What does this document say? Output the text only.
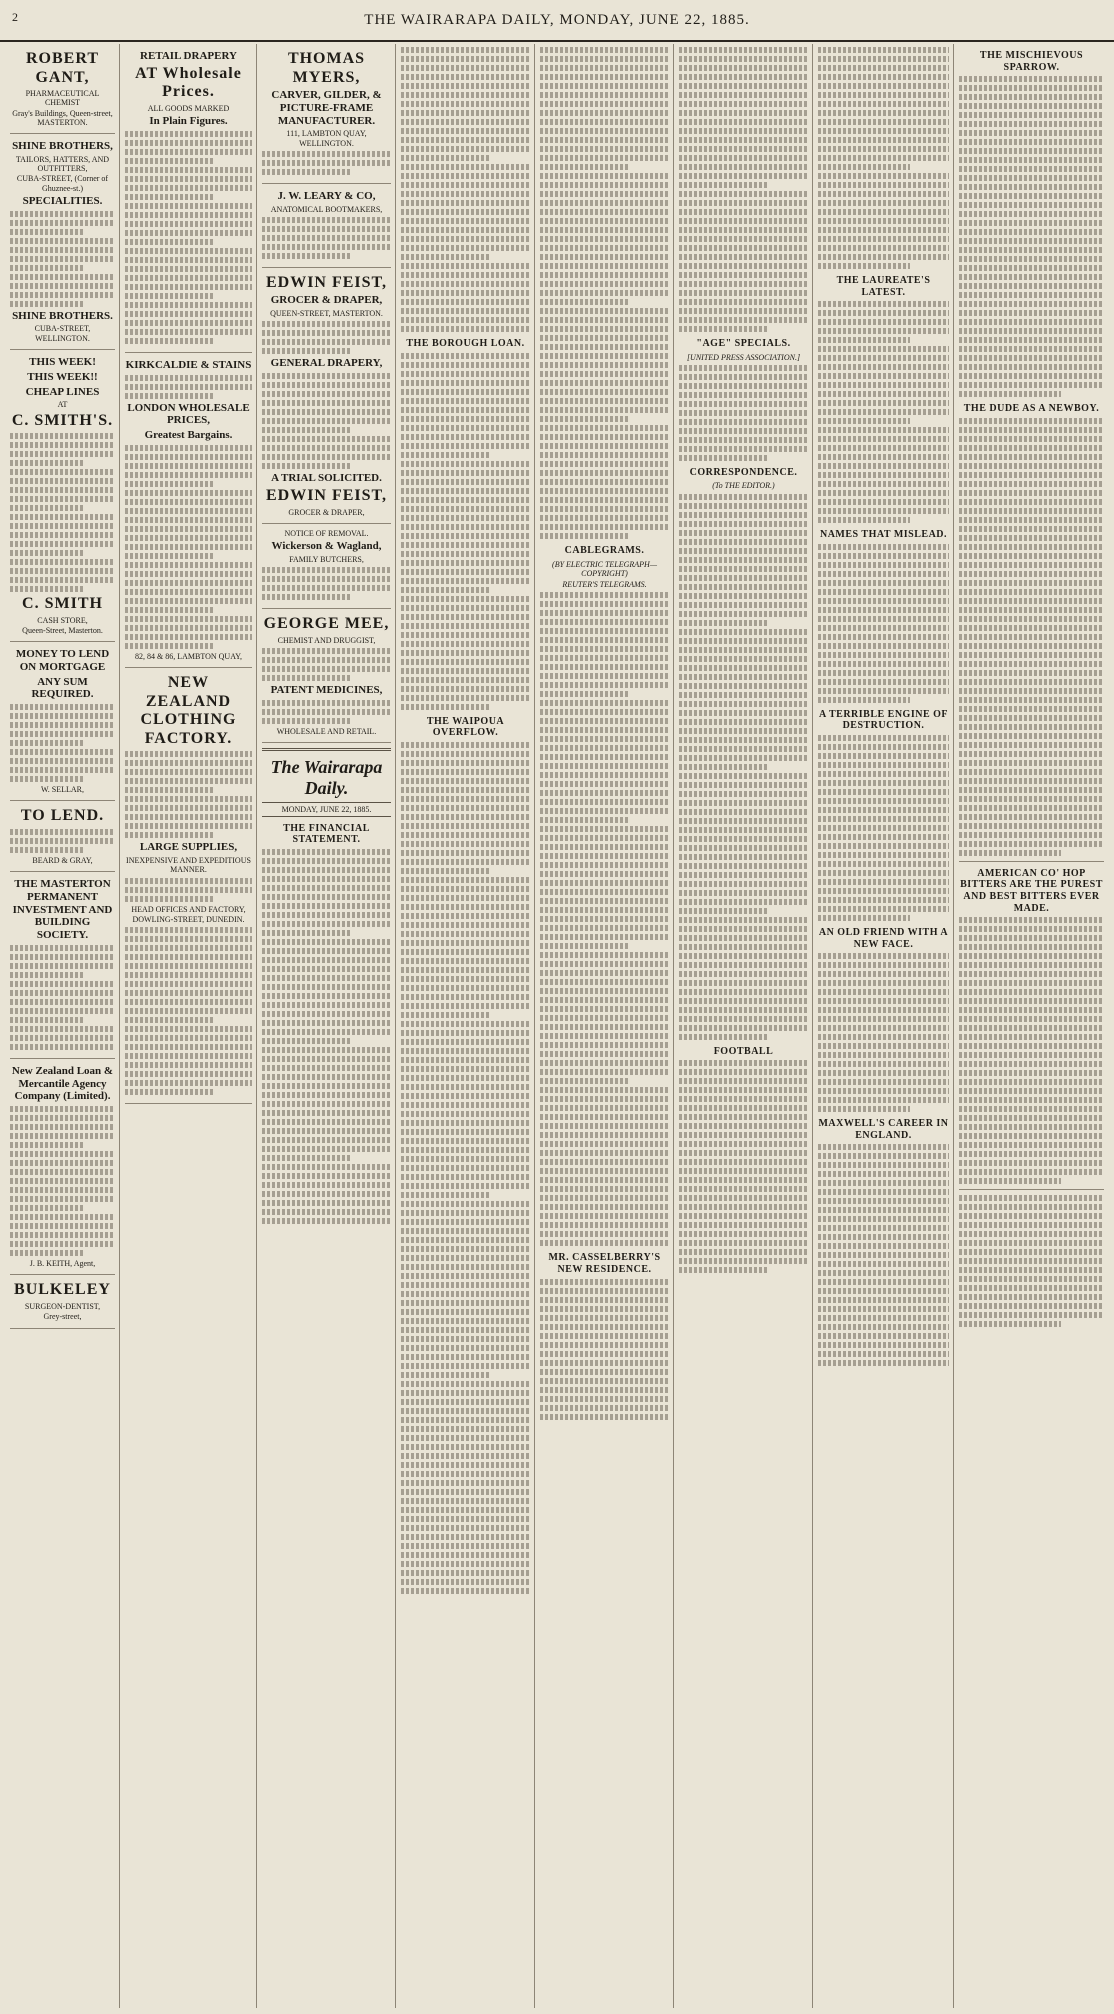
2	THE WAIRARAPA DAILY, MONDAY, JUNE 22, 1885.
ROBERT GANT,
PHARMACEUTICAL CHEMIST
Gray's Buildings, Queen-street, MASTERTON.
SHINE BROTHERS,
TAILORS, HATTERS, AND OUTFITTERS,
CUBA-STREET, (Corner of Ghuznee-st.)
SPECIALITIES.
SHINE BROTHERS.
CUBA-STREET, WELLINGTON.
THIS WEEK!
THIS WEEK!!
CHEAP LINES
AT
C. SMITH'S.
C. SMITH
CASH STORE,
Queen-Street, Masterton.
MONEY TO LEND ON MORTGAGE
ANY SUM REQUIRED.
W. SELLAR,
TO LEND.
BEARD & GRAY,
THE MASTERTON PERMANENT INVESTMENT AND BUILDING SOCIETY.
New Zealand Loan & Mercantile Agency Company (Limited).
J. B. KEITH, Agent,
BULKELEY
SURGEON-DENTIST,
Grey-street,
RETAIL DRAPERY
AT Wholesale Prices.
ALL GOODS MARKED
In Plain Figures.
KIRKCALDIE & STAINS
LONDON WHOLESALE PRICES,
Greatest Bargains.
82, 84 & 86, LAMBTON QUAY,
NEW ZEALAND CLOTHING FACTORY.
LARGE SUPPLIES,
INEXPENSIVE AND EXPEDITIOUS MANNER.
HEAD OFFICES AND FACTORY,
DOWLING-STREET, DUNEDIN.
THOMAS MYERS,
CARVER, GILDER, & PICTURE-FRAME MANUFACTURER.
111, LAMBTON QUAY, WELLINGTON.
J. W. LEARY & CO,
ANATOMICAL BOOTMAKERS,
EDWIN FEIST,
GROCER & DRAPER,
QUEEN-STREET, MASTERTON.
GENERAL DRAPERY,
A TRIAL SOLICITED.
EDWIN FEIST,
GROCER & DRAPER,
NOTICE OF REMOVAL.
Wickerson & Wagland,
FAMILY BUTCHERS,
GEORGE MEE,
CHEMIST AND DRUGGIST,
PATENT MEDICINES,
WHOLESALE AND RETAIL.
The Wairarapa Daily.
MONDAY, JUNE 22, 1885.
THE FINANCIAL STATEMENT.
THE BOROUGH LOAN.
THE WAIPOUA OVERFLOW.
CABLEGRAMS.
(BY ELECTRIC TELEGRAPH—COPYRIGHT)
REUTER'S TELEGRAMS.
MR. CASSELBERRY'S NEW RESIDENCE.
"AGE" SPECIALS.
[UNITED PRESS ASSOCIATION.]
CORRESPONDENCE.
(To THE EDITOR.)
FOOTBALL
THE LAUREATE'S LATEST.
NAMES THAT MISLEAD.
A TERRIBLE ENGINE OF DESTRUCTION.
AN OLD FRIEND WITH A NEW FACE.
MAXWELL'S CAREER IN ENGLAND.
THE MISCHIEVOUS SPARROW.
THE DUDE AS A NEWBOY.
AMERICAN CO' HOP BITTERS ARE THE PUREST AND BEST BITTERS EVER MADE.
